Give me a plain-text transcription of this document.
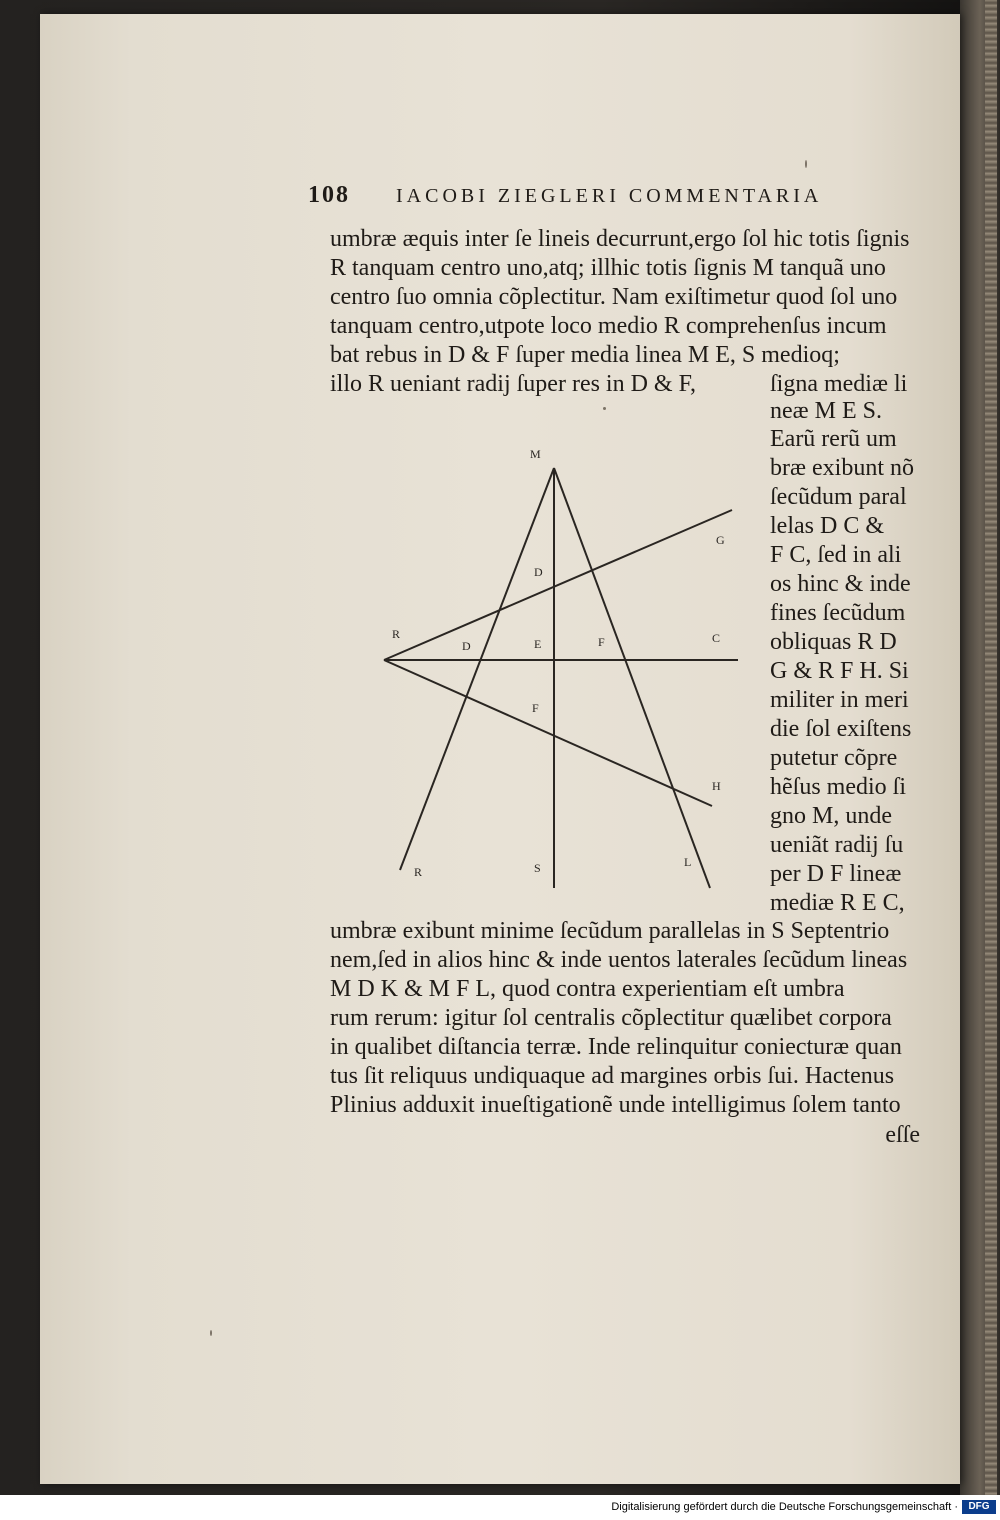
108 IACOBI ZIEGLERI COMMENTARIA
umbræ æquis inter ſe lineis decurrunt,ergo ſol hic totis ſignis
R tanquam centro uno,atq; illhic totis ſignis M tanquã uno
centro ſuo omnia cõplectitur. Nam exiſtimetur quod ſol uno
tanquam centro,utpote loco medio R comprehenſus incum
bat rebus in D & F ſuper media linea M E, S medioq;
illo R ueniant radij ſuper res in D & F,	ſigna mediæ li
neæ M E S.
Earũ rerũ um
bræ exibunt nõ
ſecũdum paral
lelas D C &
F C, ſed in ali
os hinc & inde
fines ſecũdum
obliquas R D
G & R F H. Si
militer in meri
die ſol exiſtens
putetur cõpre
hẽſus medio ſi
gno M, unde
ueniãt radij ſu
per D F lineæ
mediæ R E C,
umbræ exibunt minime ſecũdum parallelas in S Septentrio
nem,ſed in alios hinc & inde uentos laterales ſecũdum lineas
M D K & M F L, quod contra experientiam eſt umbra
rum rerum: igitur ſol centralis cõplectitur quælibet corpora
in qualibet diſtancia terræ. Inde relinquitur coniecturæ quan
tus ſit reliquus undiquaque ad margines orbis ſui. Hactenus
Plinius adduxit inueſtigationẽ unde intelligimus ſolem tanto
eſſe
M
G
D
R
D	E	F	C
F
H
R	S	L
Digitalisierung gefördert durch die Deutsche Forschungsgemeinschaft ·	DFG
